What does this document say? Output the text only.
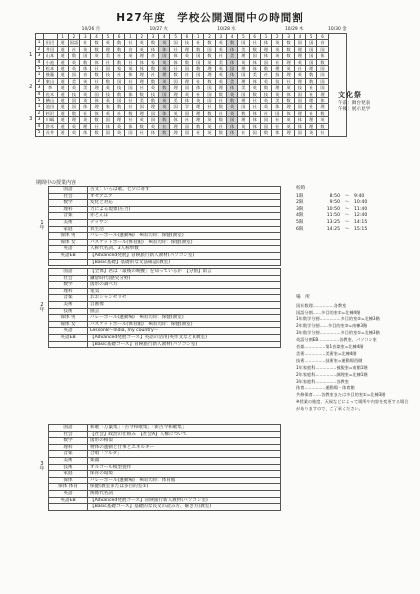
H27年度　学校公開週間中の時間割
			10/26 月						10/27 火						10/28 水						10/29 木						10/30 金
			1	2	3	4	5	6	1	2	3	4	5	6	1	2	3	4	5	6	1	2	3	4	5	6	
1	1	田辺	道	国語	社	数	英	数	社	英	数	英	国	技	社	数	英	数	国	社	体	英	数	国	国	音	
	2	井田	道	社	英	数	理	数	音	英	体	体	社	理	数	国	英	体	美	数	理	英	数	理	国	国	
	3	山本	道	数	国	英	美	社	英	理	音	国	体	英	国	数	社	美	理	国	体	英	数	理	国	体	
	4	小池	道	英	数	体	社	数	社	体	家	英	体	数	国	英	美	体	英	体	国	社	理	英	国	数	
	5	松本	道	英	体	社	国	家	英	体	数	英	社	国	数	理	英	国	理	体	数	理	英	社	理	国	
2	1	後藤	道	国	音	数	技	社	体	理	社	理	数	社	国	理	英	体	国	美	社	技	理	英	数	国	
	2	東山	道	美	英	社	数	国	社	理	数	英	国	理	社	数	英	美	理	体	英	技	社	理	数	国	
	3	李	道	英	美	理	英	技	国	社	英	数	理	国	体	国	理	体	美	英	数	理	英	技	社	国	
	4	佐木	道	技	英	国	技	数	体	数	技	国	理	英	社	国	数	英	国	数	技	英	体	国	社	理	
	5	横山	道	国	英	体	英	国	社	美	数	英	美	体	英	国	社	数	理	社	英	美	数	国	理	体	
3	1	池田	道	国	体	理	家	数	社	国	理	英	国	学	理	社	数	英	国	社	英	体	理	国	社	理	
	2	杉沢	道	数	社	体	英	社	数	理	国	体	英	国	理	数	社	英	数	体	社	国	体	理	社	数	
	3	川嶋	道	理	英	数	国	理	社	英	国	数	体	社	理	英	数	国	理	体	国	社	英	体	理	英	
	4	鈴木	道	英	理	社	体	英	体	数	英	社	理	国	数	英	社	体	英	体	国	社	英	体	理	数	
	5	長井	道	英	体	数	国	英	国	社	体	数	理	国	社	英	数	体	社	国	数	体	理	国	英	社	
文化祭
午前：舞台発表
午後：展示見学
期間中の授業内容
1年	国語	古文：いろは歌、七夕に寄す
	社会	オセアニア
	数学	変化と対応
	理科	力による現象(圧力)
	音楽	赤とんぼ
	美術	デッサン
	家庭	衣生活
	保体 男	バレーボール(運動場)　※雨天時：保健(教室)
	保体 女	バスケットボール(体育館)　※雨天時：保健(教室)
	英語	人称代名詞、3人称単数
	英語EB	【Advanced発展】冒険旅行新人教材(パソコン室)
		【Basic基礎】基礎的な文法確認(教室)
2年	国語	【全体】君は「最後の晩餐」を知っているか　【分割】雨言
	社会	鎌倉時代(歴史分野)
	数学	図形の調べ方
	理科	電気
	音楽	おおシャンゼリゼ
	美術	自画像
	技術	園芸
	保体 男	バレーボール(運動場)　※雨天時：保健(教室)
	保体 女	バスケットボール(体育館)　※雨天時：保健(教室)
	英語	Lesson8〜India, my country〜
	英語EB	【Advanced発展コース】英語の活用(英作文など)(教室)
		【Basic基礎コース】冒険旅行新人教材(パソコン室)
3年	国語	和歌「万葉集」「古今和歌集」「新古今和歌集」
	社会	【社会】政治の仕組み　【社会A】人権について
	数学	図形の相似
	理科	物体の運動と仕事とエネルギー
	音楽	合唱「フルダ」
	美術	楽器
	技術	オルゴール模型製作
	家庭	保育の環境
	保体	バレーボール(運動場)　※雨天時：体育館
	保体 体育	保健(教室または多目的室①)
	英語	関係代名詞
	英語EB	【Advanced発展コース】冒険旅行新人教材(パソコン室)
		【Basic基礎コース】基礎的な長文の読み方、解き方(教室)
校時
1限	8:50 〜 9:40
2限	9:50 〜 10:40
3限	10:50 〜 11:40
4限	11:50 〜 12:40
5限	13:25 〜 14:15
6限	14:25 〜 15:15
場　所
国社数理……………各教室
国語分割……多目的室①=北棟4階
1年数学分割……………多目的室②=北棟3階
2年数学分割……多目的室③=南棟3階
3年数学分割……………多目的室①=北棟3階
英語分割EB……………各教室、パソコン室
音楽……………第1音楽室=北棟4階
美術……………美術室=北棟4階
技術……………技術室=運動場西側
1年家庭科……………被服室=南館1階
2年家庭科……………調理室=北棟1階
3年家庭科……………各教室
体育……………運動場・体育館
共修保育……各教室または多目的室①=北棟3階
※授業の進度、天候などによって場所や内容を変更する場合がありますので、ご了承ください。
